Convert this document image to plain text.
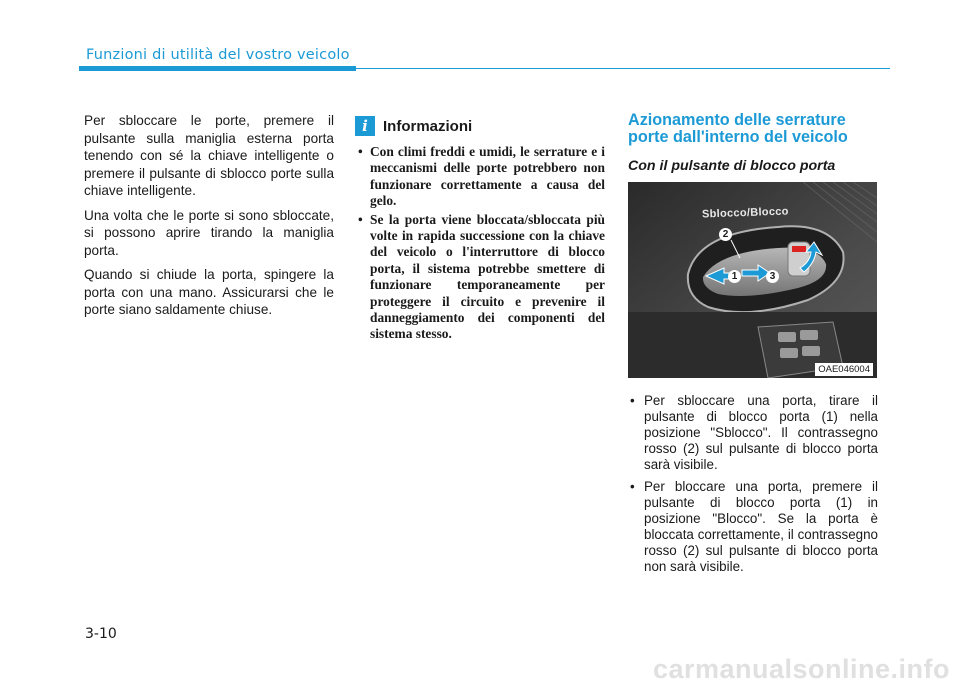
Funzioni di utilità del vostro veicolo

Per sbloccare le porte, premere il pulsante sulla maniglia esterna porta tenendo con sé la chiave intelligente o premere il pulsante di sblocco porte sulla chiave intelligente.

Una volta che le porte si sono sbloccate, si possono aprire tirando la maniglia porta.

Quando si chiude la porta, spingere la porta con una mano. Assicurarsi che le porte siano saldamente chiuse.

i	Informazioni
• Con climi freddi e umidi, le serrature e i meccanismi delle porte potrebbero non funzionare correttamente a causa del gelo.
• Se la porta viene bloccata/sbloccata più volte in rapida successione con la chiave del veicolo o l'interruttore di blocco porta, il sistema potrebbe smettere di funzionare temporaneamente per proteggere il circuito e prevenire il danneggiamento dei componenti del sistema stesso.
Azionamento delle serrature
porte dall'interno del veicolo
Con il pulsante di blocco porta
Sblocco/Blocco
2
1	3
OAE046004
• Per sbloccare una porta, tirare il pulsante di blocco porta (1) nella posizione "Sblocco". Il contrassegno rosso (2) sul pulsante di blocco porta sarà visibile.
• Per bloccare una porta, premere il pulsante di blocco porta (1) in posizione "Blocco". Se la porta è bloccata correttamente, il contrassegno rosso (2) sul pulsante di blocco porta non sarà visibile.
3-10
carmanualsonline.info
